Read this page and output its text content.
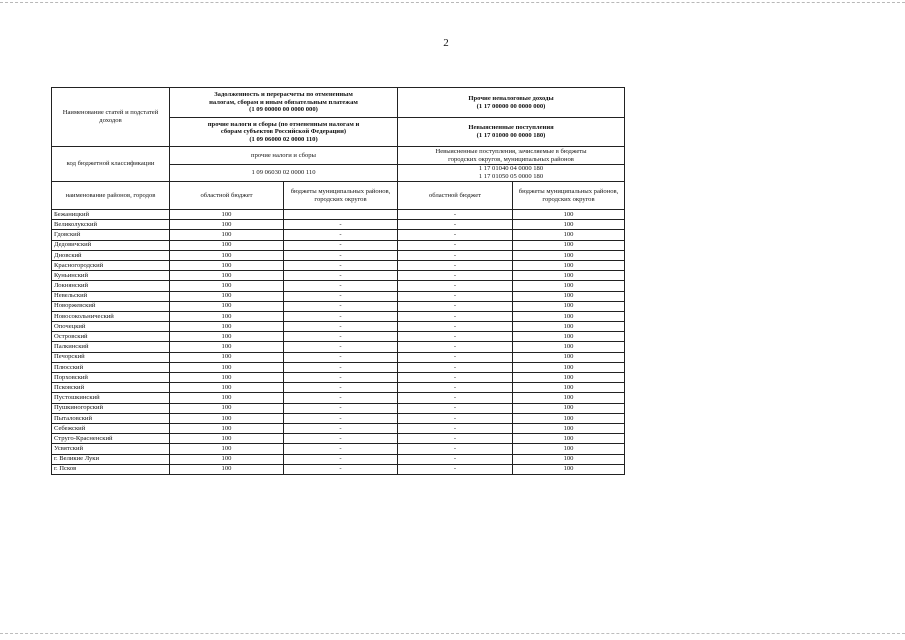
2
Наименование статей и подстатей доходов	Задолженность и перерасчеты по отмененным
налогам, сборам и иным обязательным платежам
(1 09 00000 00 0000 000)		Прочие неналоговые доходы
(1 17 00000 00 0000 000)	

	прочие налоги и сборы (по отмененным налогам и
сборам субъектов Российской Федерации)
(1 09 06000 02 0000 110)		Невыясненные поступления
(1 17 01000 00 0000 180)	

код бюджетной классификации	прочие налоги и сборы		Невыясненные поступления, зачисляемые в бюджеты
городских округов, муниципальных районов	

	1 09 06030 02 0000 110		1 17 01040 04 0000 180
1 17 01050 05 0000 180	

наименование районов, городов	областной бюджет	бюджеты муниципальных районов, городских округов	областной бюджет	бюджеты муниципальных районов, городских округов
Бежаницкий	100		-	100
Великолукский	100	-	-	100
Гдовский	100	-	-	100
Дедовичский	100	-	-	100
Дновский	100	-	-	100
Красногородский	100	-	-	100
Куньинский	100	-	-	100
Локнянский	100	-	-	100
Невельский	100	-	-	100
Новоржевский	100	-	-	100
Новосокольнический	100	-	-	100
Опочецкий	100	-	-	100
Островский	100	-	-	100
Палкинский	100	-	-	100
Печорский	100	-	-	100
Плюсский	100	-	-	100
Порховский	100	-	-	100
Псковский	100	-	-	100
Пустошкинский	100	-	-	100
Пушкиногорский	100	-	-	100
Пыталовский	100	-	-	100
Себежский	100	-	-	100
Струго-Красненский	100	-	-	100
Усвятский	100	-	-	100
г. Великие Луки	100	-	-	100
г. Псков	100	-	-	100
